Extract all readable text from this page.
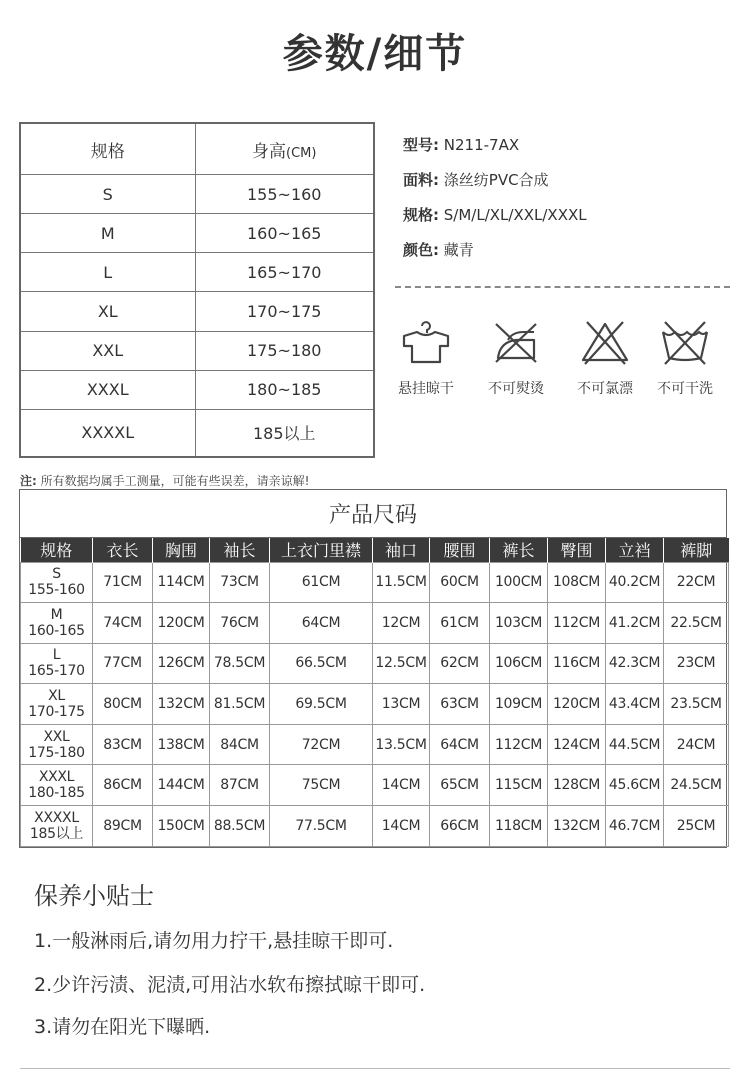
参数/细节
规格	身高(CM)
S	155~160
M	160~165
L	165~170
XL	170~175
XXL	175~180
XXXL	180~185
XXXXL	185以上
型号: N211-7AX
面料: 涤丝纺PVC合成
规格: S/M/L/XL/XXL/XXXL
颜色: 藏青
悬挂晾干	不可熨烫	不可氯漂	不可干洗
注: 所有数据均属手工测量，可能有些误差，请亲谅解!
产品尺码
规格	衣长	胸围	袖长	上衣门里襟	袖口	腰围	裤长	臀围	立裆	裤脚

S
155-160	71CM	114CM	73CM	61CM	11.5CM	60CM	100CM	108CM	40.2CM	22CM

M
160-165	74CM	120CM	76CM	64CM	12CM	61CM	103CM	112CM	41.2CM	22.5CM

L
165-170	77CM	126CM	78.5CM	66.5CM	12.5CM	62CM	106CM	116CM	42.3CM	23CM

XL
170-175	80CM	132CM	81.5CM	69.5CM	13CM	63CM	109CM	120CM	43.4CM	23.5CM

XXL
175-180	83CM	138CM	84CM	72CM	13.5CM	64CM	112CM	124CM	44.5CM	24CM

XXXL
180-185	86CM	144CM	87CM	75CM	14CM	65CM	115CM	128CM	45.6CM	24.5CM

XXXXL
185以上	89CM	150CM	88.5CM	77.5CM	14CM	66CM	118CM	132CM	46.7CM	25CM
保养小贴士
1.一般淋雨后,请勿用力拧干,悬挂晾干即可.
2.少许污渍、泥渍,可用沾水软布擦拭晾干即可.
3.请勿在阳光下曝晒.
